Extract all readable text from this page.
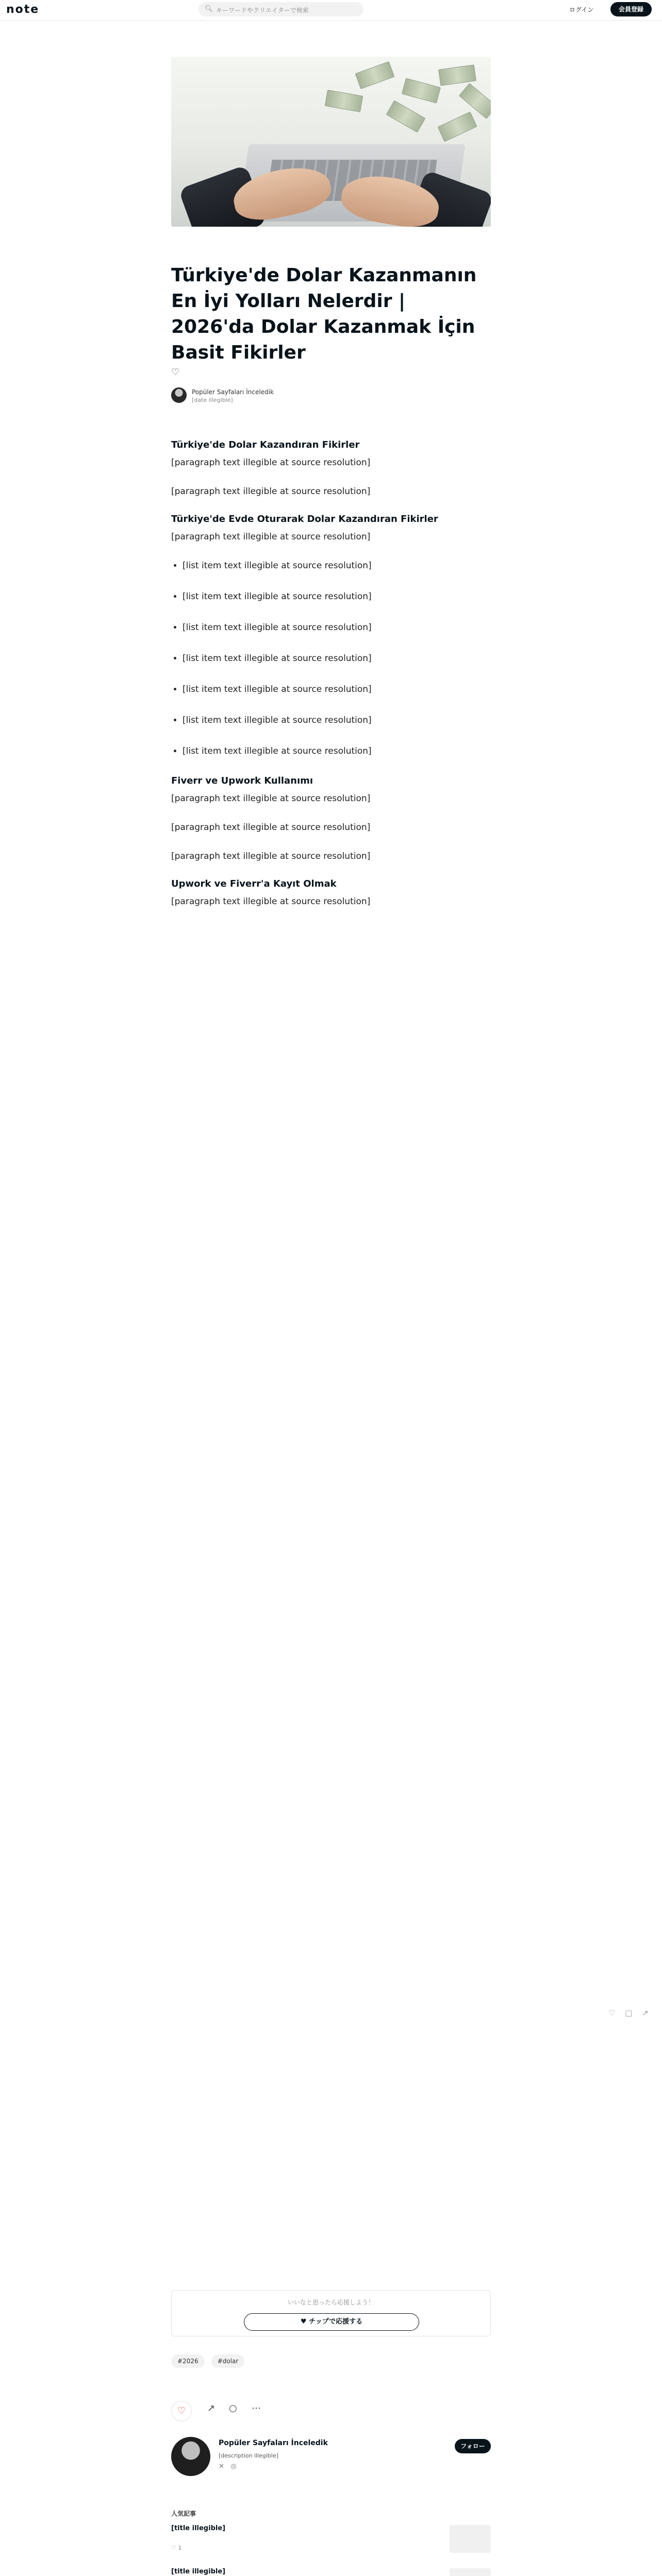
note	🔍︎ キーワードやクリエイターで検索	ログイン	会員登録
Türkiye'de Dolar Kazanmanın En İyi Yolları Nelerdir | 2026'da Dolar Kazanmak İçin Basit Fikirler
♡
Popüler Sayfaları İnceledik
[date illegible]
Türkiye'de Dolar Kazandıran Fikirler

[paragraph text illegible at source resolution]

[paragraph text illegible at source resolution]

Türkiye'de Evde Oturarak Dolar Kazandıran Fikirler

[paragraph text illegible at source resolution]

• [list item text illegible at source resolution]
• [list item text illegible at source resolution]
• [list item text illegible at source resolution]
• [list item text illegible at source resolution]
• [list item text illegible at source resolution]
• [list item text illegible at source resolution]
• [list item text illegible at source resolution]
Fiverr ve Upwork Kullanımı

[paragraph text illegible at source resolution]

[paragraph text illegible at source resolution]

[paragraph text illegible at source resolution]

Upwork ve Fiverr'a Kayıt Olmak

[paragraph text illegible at source resolution]

♡ □ ↗
いいなと思ったら応援しよう！
♥︎ チップで応援する
#2026	#dolar
♡	↗ ○ ⋯
Popüler Sayfaları İnceledik
[description illegible]
✕ ◎
フォロー
人気記事
[title illegible]
♡ 1
[title illegible]
